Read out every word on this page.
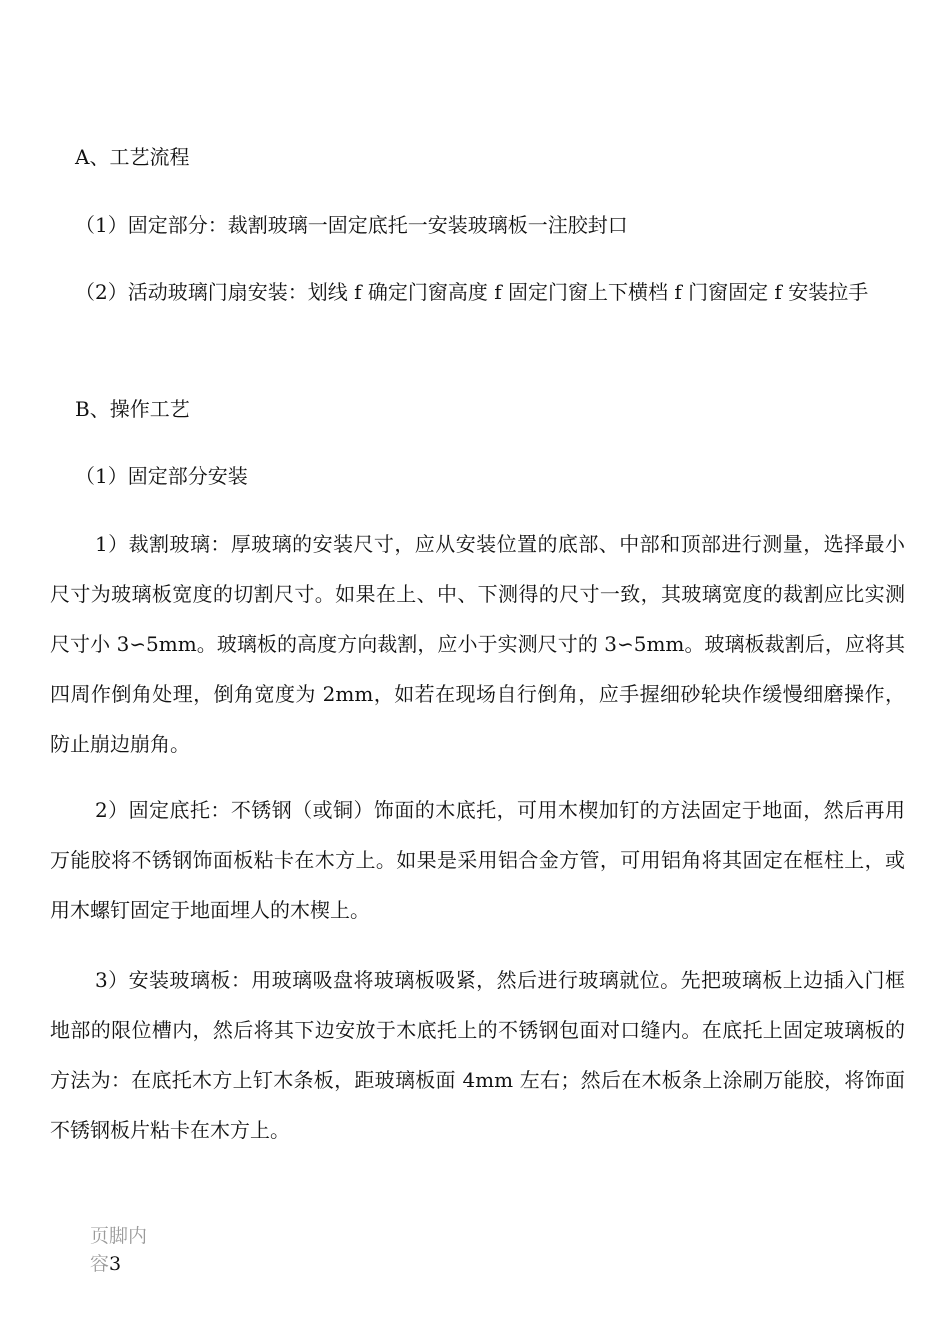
A、工艺流程
（1）固定部分：裁割玻璃一固定底托一安装玻璃板一注胶封口
（2）活动玻璃门扇安装：划线 f 确定门窗高度 f 固定门窗上下横档 f 门窗固定 f 安装拉手
B、操作工艺
（1）固定部分安装
1）裁割玻璃：厚玻璃的安装尺寸，应从安装位置的底部、中部和顶部进行测量，选择最小尺寸为玻璃板宽度的切割尺寸。如果在上、中、下测得的尺寸一致，其玻璃宽度的裁割应比实测尺寸小 3∽5mm。玻璃板的高度方向裁割，应小于实测尺寸的 3∽5mm。玻璃板裁割后，应将其四周作倒角处理，倒角宽度为 2mm，如若在现场自行倒角，应手握细砂轮块作缓慢细磨操作，防止崩边崩角。
2）固定底托：不锈钢（或铜）饰面的木底托，可用木楔加钉的方法固定于地面，然后再用万能胶将不锈钢饰面板粘卡在木方上。如果是采用铝合金方管，可用铝角将其固定在框柱上，或用木螺钉固定于地面埋人的木楔上。
3）安装玻璃板：用玻璃吸盘将玻璃板吸紧，然后进行玻璃就位。先把玻璃板上边插入门框地部的限位槽内，然后将其下边安放于木底托上的不锈钢包面对口缝内。在底托上固定玻璃板的方法为：在底托木方上钉木条板，距玻璃板面 4mm 左右；然后在木板条上涂刷万能胶，将饰面不锈钢板片粘卡在木方上。
页脚内容3
